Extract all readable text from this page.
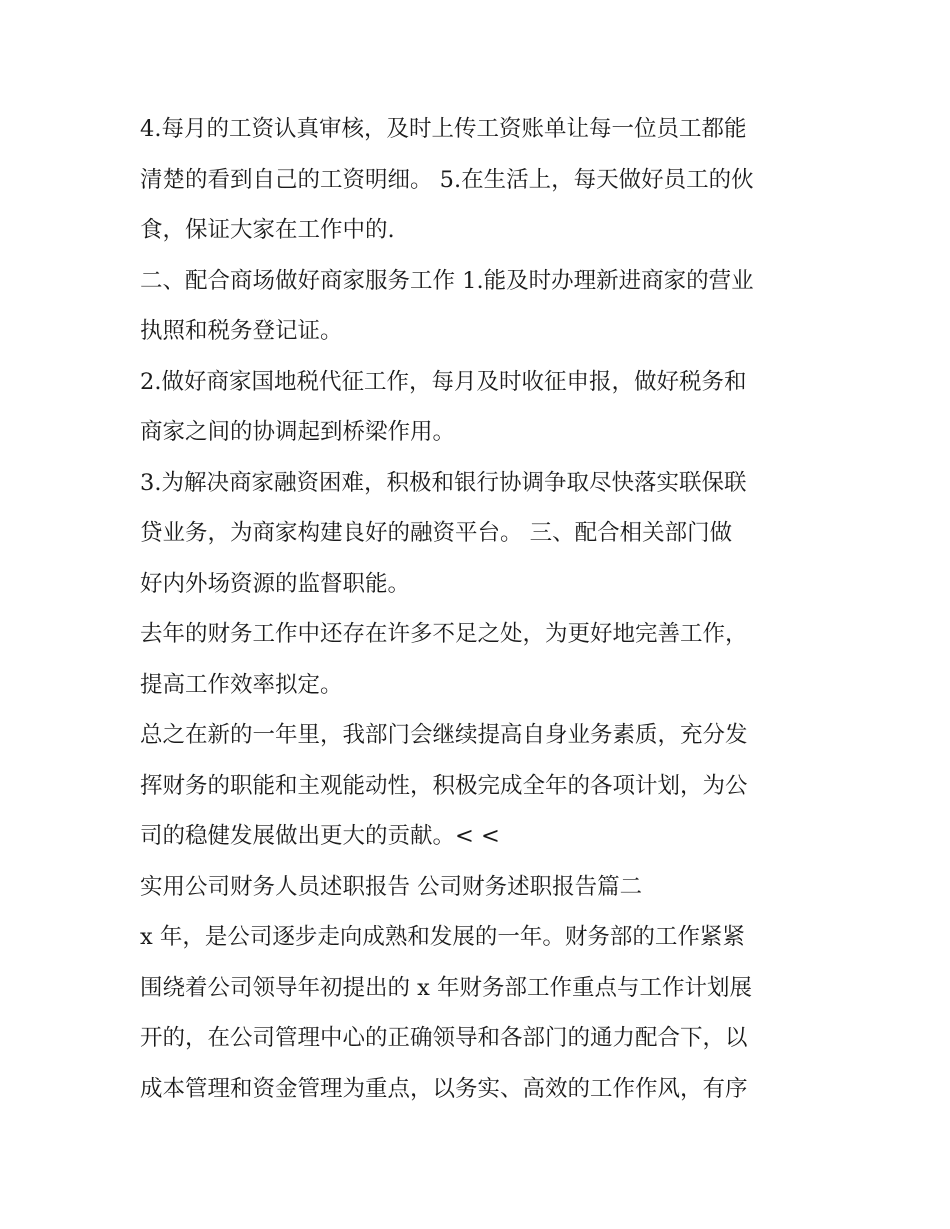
4.每月的工资认真审核，及时上传工资账单让每一位员工都能
清楚的看到自己的工资明细。 5.在生活上，每天做好员工的伙
食，保证大家在工作中的.

二、配合商场做好商家服务工作 1.能及时办理新进商家的营业
执照和税务登记证。

2.做好商家国地税代征工作，每月及时收征申报，做好税务和
商家之间的协调起到桥梁作用。

3.为解决商家融资困难，积极和银行协调争取尽快落实联保联
贷业务，为商家构建良好的融资平台。 三、配合相关部门做
好内外场资源的监督职能。

去年的财务工作中还存在许多不足之处，为更好地完善工作，
提高工作效率拟定。

总之在新的一年里，我部门会继续提高自身业务素质，充分发
挥财务的职能和主观能动性，积极完成全年的各项计划，为公
司的稳健发展做出更大的贡献。< <

实用公司财务人员述职报告 公司财务述职报告篇二

x 年，是公司逐步走向成熟和发展的一年。财务部的工作紧紧
围绕着公司领导年初提出的 x 年财务部工作重点与工作计划展
开的，在公司管理中心的正确领导和各部门的通力配合下，以
成本管理和资金管理为重点，以务实、高效的工作作风，有序
